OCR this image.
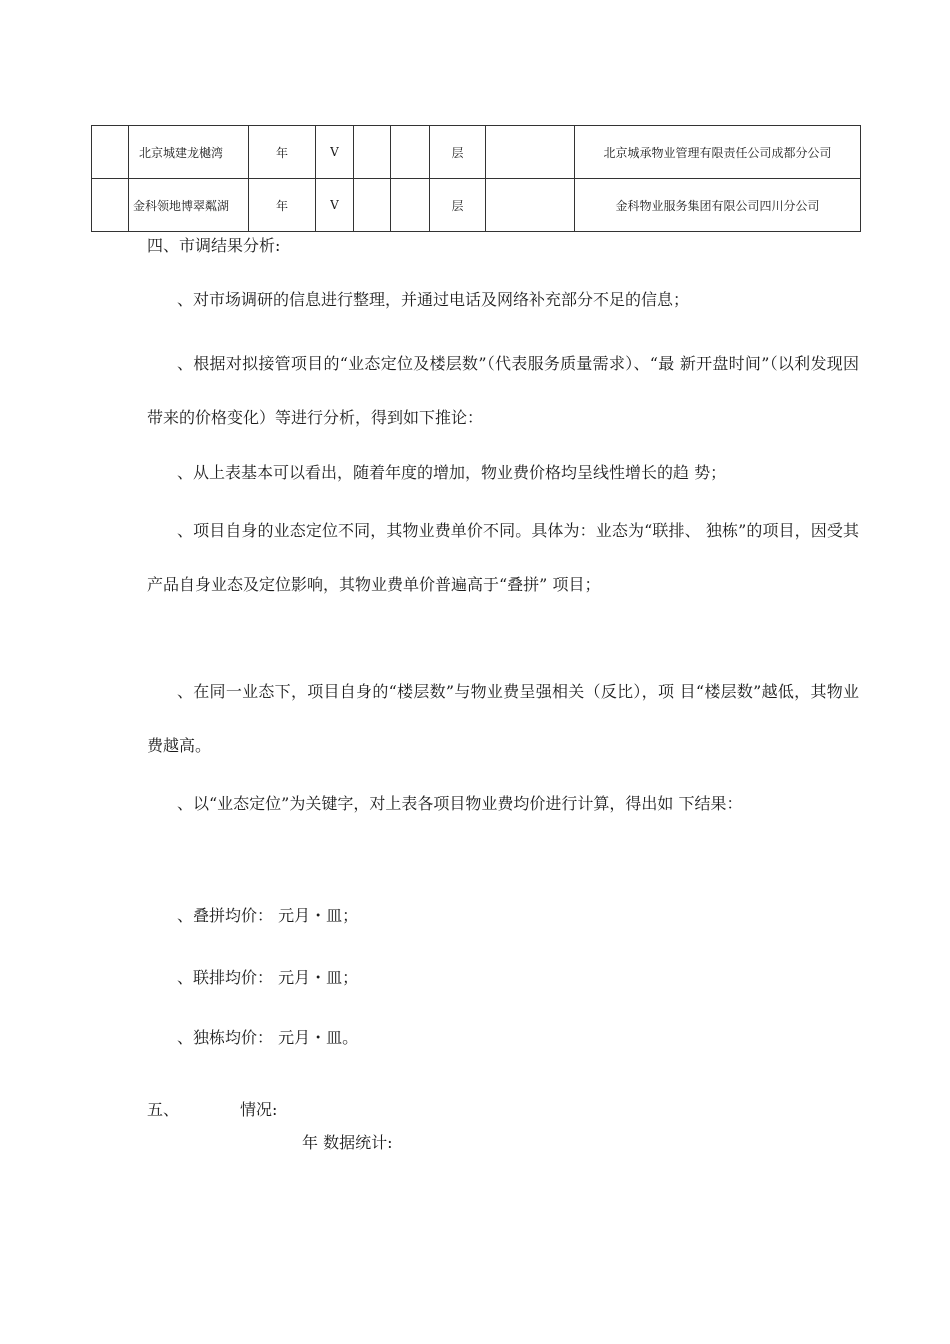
	北京城建龙樾湾	年	V			层		北京城承物业管理有限责任公司成都分公司
	金科领地博翠粼湖	年	V			层		金科物业服务集团有限公司四川分公司

四、市调结果分析:

、对市场调研的信息进行整理，并通过电话及网络补充部分不足的信息；

、根据对拟接管项目的“业态定位及楼层数”（代表服务质量需求）、“最 新开盘时间”（以利发现因带来的价格变化）等进行分析，得到如下推论：

、从上表基本可以看出，随着年度的增加，物业费价格均呈线性增长的趋 势；

、项目自身的业态定位不同，其物业费单价不同。具体为：业态为“联排、 独栋”的项目，因受其产品自身业态及定位影响，其物业费单价普遍高于“叠拼” 项目；

、在同一业态下，项目自身的“楼层数”与物业费呈强相关（反比），项 目“楼层数”越低，其物业费越高。

、以“业态定位”为关键字，对上表各项目物业费均价进行计算，得出如 下结果：

、叠拼均价： 元月・皿；

、联排均价： 元月・皿；

、独栋均价： 元月・皿。

五、	情况:

年 数据统计:
